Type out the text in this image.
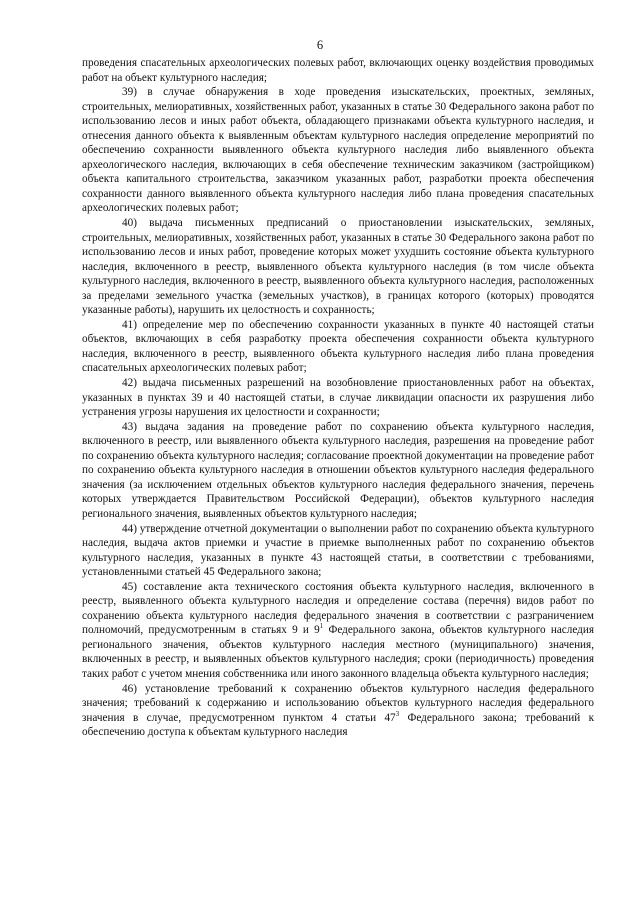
6

проведения спасательных археологических полевых работ, включающих оценку воздействия проводимых работ на объект культурного наследия;

39) в случае обнаружения в ходе проведения изыскательских, проектных, земляных, строительных, мелиоративных, хозяйственных работ, указанных в статье 30 Федерального закона работ по использованию лесов и иных работ объекта, обладающего признаками объекта культурного наследия, и отнесения данного объекта к выявленным объектам культурного наследия определение мероприятий по обеспечению сохранности выявленного объекта культурного наследия либо выявленного объекта археологического наследия, включающих в себя обеспечение техническим заказчиком (застройщиком) объекта капитального строительства, заказчиком указанных работ, разработки проекта обеспечения сохранности данного выявленного объекта культурного наследия либо плана проведения спасательных археологических полевых работ;

40) выдача письменных предписаний о приостановлении изыскательских, земляных, строительных, мелиоративных, хозяйственных работ, указанных в статье 30 Федерального закона работ по использованию лесов и иных работ, проведение которых может ухудшить состояние объекта культурного наследия, включенного в реестр, выявленного объекта культурного наследия (в том числе объекта культурного наследия, включенного в реестр, выявленного объекта культурного наследия, расположенных за пределами земельного участка (земельных участков), в границах которого (которых) проводятся указанные работы), нарушить их целостность и сохранность;

41) определение мер по обеспечению сохранности указанных в пункте 40 настоящей статьи объектов, включающих в себя разработку проекта обеспечения сохранности объекта культурного наследия, включенного в реестр, выявленного объекта культурного наследия либо плана проведения спасательных археологических полевых работ;

42) выдача письменных разрешений на возобновление приостановленных работ на объектах, указанных в пунктах 39 и 40 настоящей статьи, в случае ликвидации опасности их разрушения либо устранения угрозы нарушения их целостности и сохранности;

43) выдача задания на проведение работ по сохранению объекта культурного наследия, включенного в реестр, или выявленного объекта культурного наследия, разрешения на проведение работ по сохранению объекта культурного наследия; согласование проектной документации на проведение работ по сохранению объекта культурного наследия в отношении объектов культурного наследия федерального значения (за исключением отдельных объектов культурного наследия федерального значения, перечень которых утверждается Правительством Российской Федерации), объектов культурного наследия регионального значения, выявленных объектов культурного наследия;

44) утверждение отчетной документации о выполнении работ по сохранению объекта культурного наследия, выдача актов приемки и участие в приемке выполненных работ по сохранению объектов культурного наследия, указанных в пункте 43 настоящей статьи, в соответствии с требованиями, установленными статьей 45 Федерального закона;

45) составление акта технического состояния объекта культурного наследия, включенного в реестр, выявленного объекта культурного наследия и определение состава (перечня) видов работ по сохранению объекта культурного наследия федерального значения в соответствии с разграничением полномочий, предусмотренным в статьях 9 и $9^1$ Федерального закона, объектов культурного наследия регионального значения, объектов культурного наследия местного (муниципального) значения, включенных в реестр, и выявленных объектов культурного наследия; сроки (периодичность) проведения таких работ с учетом мнения собственника или иного законного владельца объекта культурного наследия;

46) установление требований к сохранению объектов культурного наследия федерального значения; требований к содержанию и использованию объектов культурного наследия федерального значения в случае, предусмотренном пунктом 4 статьи $47^3$ Федерального закона; требований к обеспечению доступа к объектам культурного наследия
